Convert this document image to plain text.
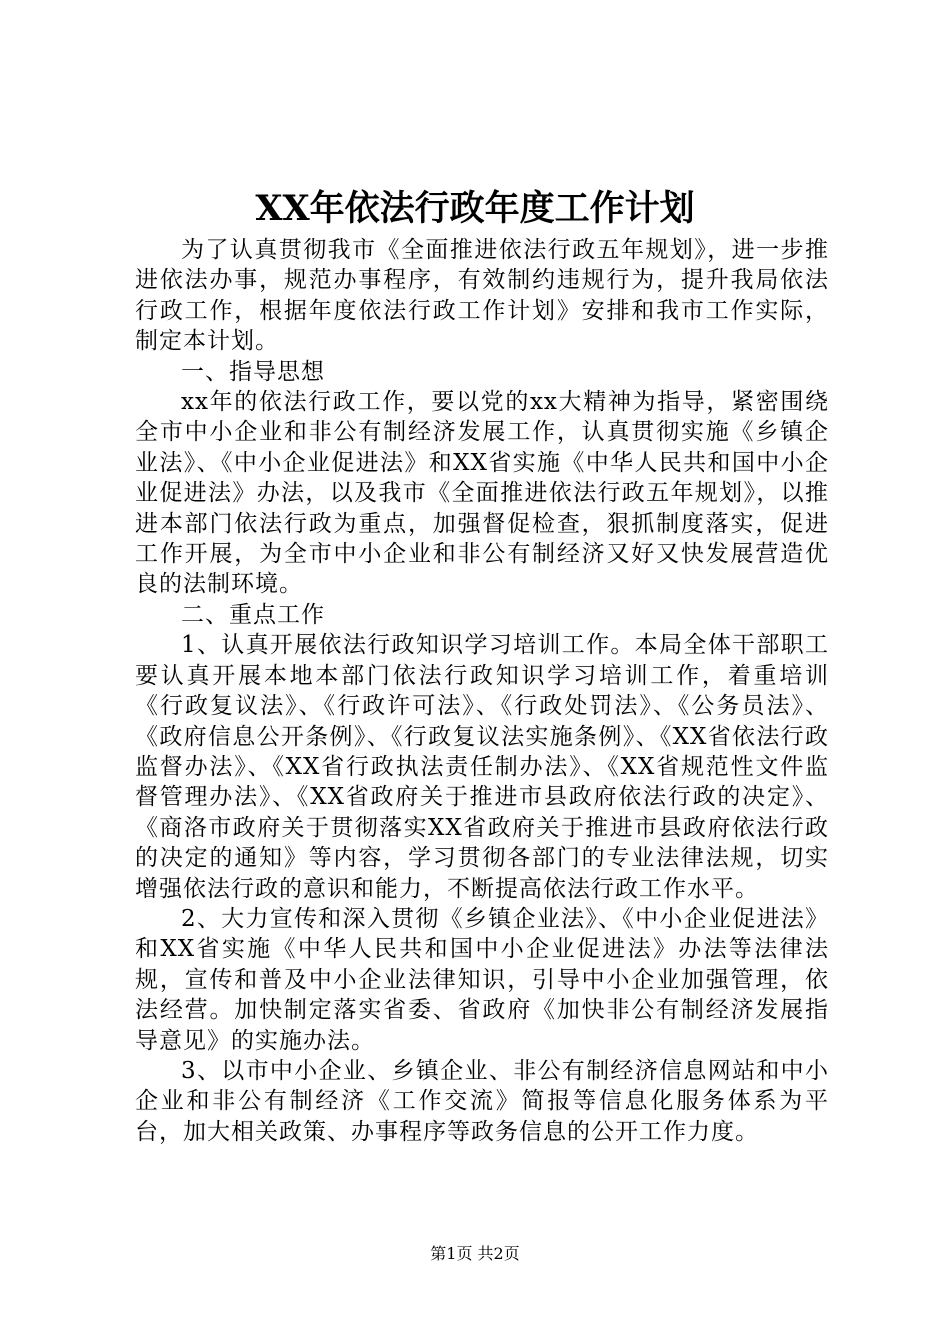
XX年依法行政年度工作计划

为了认真贯彻我市《全面推进依法行政五年规划》，进一步推进依法办事，规范办事程序，有效制约违规行为，提升我局依法行政工作，根据年度依法行政工作计划》安排和我市工作实际，制定本计划。

一、指导思想

xx年的依法行政工作，要以党的xx大精神为指导，紧密围绕全市中小企业和非公有制经济发展工作，认真贯彻实施《乡镇企业法》、《中小企业促进法》和XX省实施《中华人民共和国中小企业促进法》办法，以及我市《全面推进依法行政五年规划》，以推进本部门依法行政为重点，加强督促检查，狠抓制度落实，促进工作开展，为全市中小企业和非公有制经济又好又快发展营造优良的法制环境。

二、重点工作

1、认真开展依法行政知识学习培训工作。本局全体干部职工要认真开展本地本部门依法行政知识学习培训工作，着重培训《行政复议法》、《行政许可法》、《行政处罚法》、《公务员法》、《政府信息公开条例》、《行政复议法实施条例》、《XX省依法行政监督办法》、《XX省行政执法责任制办法》、《XX省规范性文件监督管理办法》、《XX省政府关于推进市县政府依法行政的决定》、《商洛市政府关于贯彻落实XX省政府关于推进市县政府依法行政的决定的通知》等内容，学习贯彻各部门的专业法律法规，切实增强依法行政的意识和能力，不断提高依法行政工作水平。

2、大力宣传和深入贯彻《乡镇企业法》、《中小企业促进法》和XX省实施《中华人民共和国中小企业促进法》办法等法律法规，宣传和普及中小企业法律知识，引导中小企业加强管理，依法经营。加快制定落实省委、省政府《加快非公有制经济发展指导意见》的实施办法。

3、以市中小企业、乡镇企业、非公有制经济信息网站和中小企业和非公有制经济《工作交流》简报等信息化服务体系为平台，加大相关政策、办事程序等政务信息的公开工作力度。

第1页 共2页
